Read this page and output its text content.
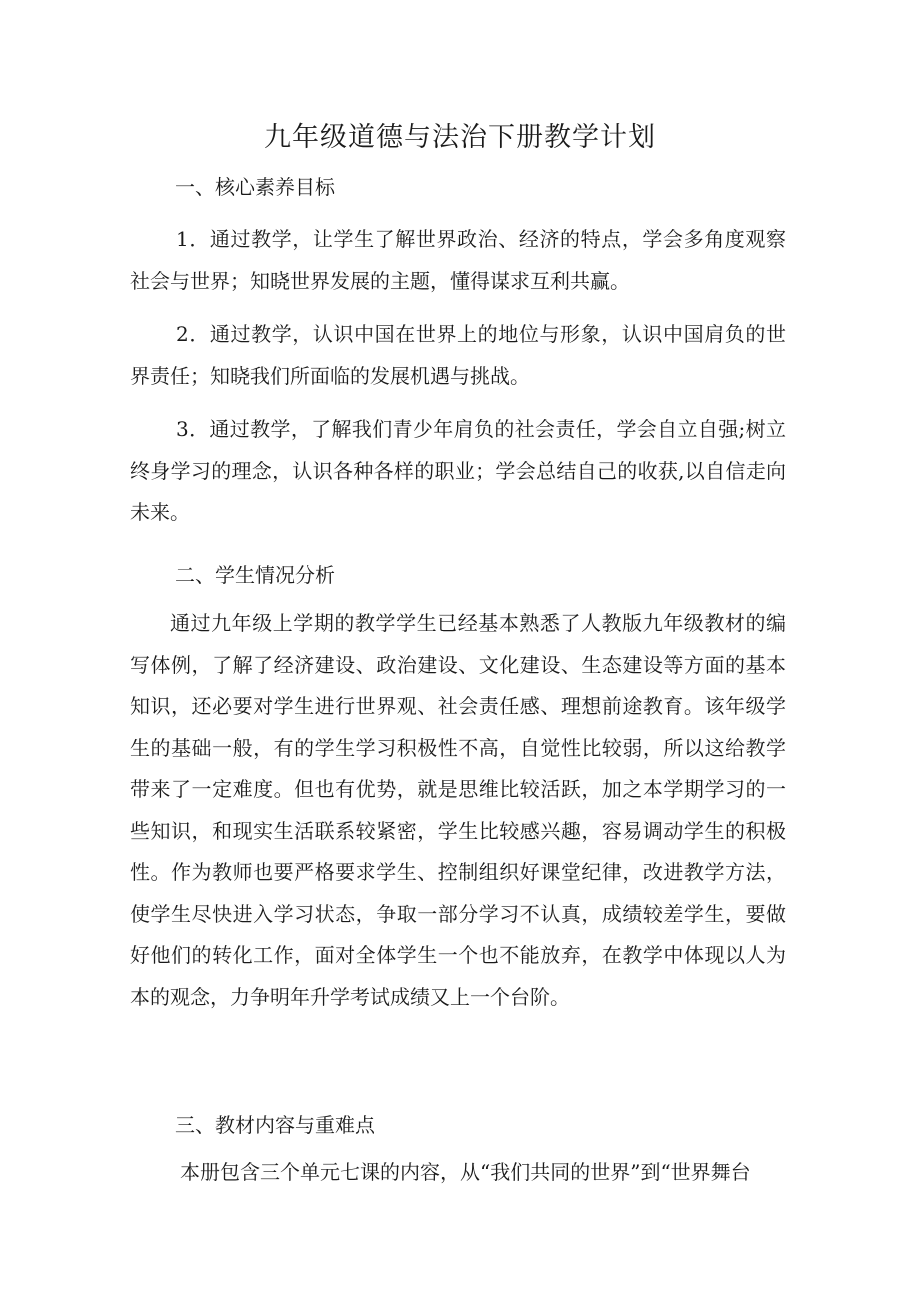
九年级道德与法治下册教学计划
一、核心素养目标

1．通过教学，让学生了解世界政治、经济的特点，学会多角度观察社会与世界；知晓世界发展的主题，懂得谋求互利共赢。

2．通过教学，认识中国在世界上的地位与形象，认识中国肩负的世界责任；知晓我们所面临的发展机遇与挑战。

3．通过教学，了解我们青少年肩负的社会责任，学会自立自强;树立终身学习的理念，认识各种各样的职业；学会总结自己的收获,以自信走向未来。

二、学生情况分析

通过九年级上学期的教学学生已经基本熟悉了人教版九年级教材的编写体例，了解了经济建设、政治建设、文化建设、生态建设等方面的基本知识，还必要对学生进行世界观、社会责任感、理想前途教育。该年级学生的基础一般，有的学生学习积极性不高，自觉性比较弱，所以这给教学带来了一定难度。但也有优势，就是思维比较活跃，加之本学期学习的一些知识，和现实生活联系较紧密，学生比较感兴趣，容易调动学生的积极性。作为教师也要严格要求学生、控制组织好课堂纪律，改进教学方法，使学生尽快进入学习状态，争取一部分学习不认真，成绩较差学生，要做好他们的转化工作，面对全体学生一个也不能放弃，在教学中体现以人为本的观念，力争明年升学考试成绩又上一个台阶。

三、教材内容与重难点

本册包含三个单元七课的内容，从“我们共同的世界”到“世界舞台
